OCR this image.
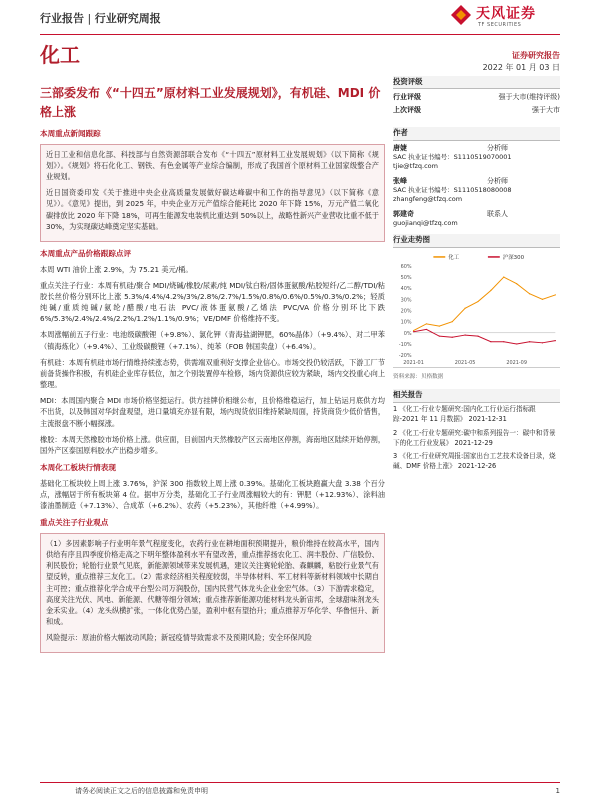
行业报告 | 行业研究周报	天风证券
TF SECURITIES
化工	证券研究报告
2022 年 01 月 03 日
三部委发布《“十四五”原材料工业发展规划》，有机硅、MDI 价格上涨
本周重点新闻跟踪
近日工业和信息化部、科技部与自然资源部联合发布《“十四五”原材料工业发展规划》（以下简称《规划》）。《规划》将石化化工、钢铁、有色金属等产业综合编制，形成了我国首个原材料工业国家级整合产业规划。
近日国资委印发《关于推进中央企业高质量发展做好碳达峰碳中和工作的指导意见》（以下简称《意见》）。《意见》提出，到 2025 年，中央企业万元产值综合能耗比 2020 年下降 15%，万元产值二氧化碳排放比 2020 年下降 18%，可再生能源发电装机比重达到 50%以上，战略性新兴产业营收比重不低于 30%，为实现碳达峰奠定坚实基础。
本周重点产品价格跟踪点评
本周 WTI 油价上涨 2.9%，为 75.21 美元/桶。
重点关注子行业：本周有机硅/聚合 MDI/烧碱/橡胶/尿素/纯 MDI/钛白粉/固体蛋氨酸/粘胶短纤/乙二醇/TDI/粘胶长丝价格分别环比上涨 5.3%/4.4%/4.2%/3%/2.8%/2.7%/1.5%/0.8%/0.6%/0.5%/0.3%/0.2%；轻质纯碱/重质纯碱/氨纶/醋酸/电石法 PVC/液体蛋氨酸/乙烯法 PVC/VA 价格分别环比下跌 6%/5.3%/2.4%/2.4%/2.2%/1.2%/1.1%/0.9%；VE/DMF 价格维持不变。
本周涨幅前五子行业：电池级碳酸锂（+9.8%）、氯化钾（青海盐湖钾肥，60%晶体）（+9.4%）、对二甲苯（镇海炼化）（+9.4%）、工业级碳酸锂（+7.1%）、纯苯（FOB 韩国卖盘）（+6.4%）。
有机硅：本周有机硅市场行情维持续涨态势，供需端双重利好支撑企业信心。市场交投仍较活跃，下游工厂节前备货操作积极，有机硅企业库存低位，加之个别装置停车检修，场内货源供应较为紧缺，场内交投重心向上整理。
MDI：本周国内聚合 MDI 市场价格坚挺运行。供方挂牌价相继公布，且价格维稳运行，加上钻运月底供方均不出货，以及韩国对华封盘观望，进口量填充亦显有限，场内现货依旧维持紧缺局面，持货商货少低价惜售，主流报盘不断小幅探涨。
橡胶：本周天然橡胶市场价格上涨。供应面，目前国内天然橡胶产区云南地区停割，海南地区陆续开始停割，国外产区泰国原料胶水产出稳步增多。
本周化工板块行情表现
基础化工板块较上周上涨 3.76%，沪深 300 指数较上周上涨 0.39%。基础化工板块跑赢大盘 3.38 个百分点，涨幅居于所有板块第 4 位。据申万分类，基础化工子行业周涨幅较大的有：钾肥（+12.93%）、涂料油漆油墨制造（+7.13%）、合成革（+6.2%）、农药（+5.23%），其他纤维（+4.99%）。
重点关注子行业观点
（1）多因素影响子行业明年景气程度变化，农药行业在耕地面积预期提升，粮价维持在较高水平，国内供给有序且四季度价格走高之下明年整体盈利水平有望改善，重点推荐扬农化工、润丰股份、广信股份、利民股份；轮胎行业景气见底，新能源领域带来发展机遇，建议关注赛轮轮胎、森麒麟，粘胶行业景气有望反转，重点推荐三友化工。（2）需求经济相关程度较弱，半导体材料、军工材料等新材料领域中长期自主可控；重点推荐化学合成平台型公司万润股份，国内民营气体龙头企业金宏气体。（3）下游需求稳定，高度关注光伏、风电、新能源、代糖等细分领域；重点推荐新能源功能材料龙头新宙邦，全球甜味剂龙头金禾实业。（4）龙头纵横扩张，一体化优势凸显，盈利中枢有望抬升；重点推荐万华化学、华鲁恒升、新和成。
风险提示：原油价格大幅波动风险；新冠疫情导致需求不及预期风险；安全环保风险
投资评级
行业评级	强于大市(维持评级)
上次评级	强于大市
作者
唐婕	分析师
SAC 执业证书编号：S1110519070001
tjie@tfzq.com
张峰	分析师
SAC 执业证书编号：S1110518080008
zhangfeng@tfzq.com
郭建奇	联系人
guojianqi@tfzq.com
行业走势图
-20%
-10%
0%
10%
20%
30%
40%
50%
60%
2021-01	2021-05	2021-09
化工	沪深300
资料来源：贝格数据
相关报告
1 《化工-行业专题研究:国内化工行业运行指标跟踪-2021 年 11 月数据》 2021-12-31
2 《化工-行业专题研究:碳中和系列报告一：碳中和背景下的化工行业发展》 2021-12-29
3 《化工-行业研究周报:国家出台工艺技术设备目录，烧碱、DMF 价格上涨》 2021-12-26
请务必阅读正文之后的信息披露和免责申明	1
